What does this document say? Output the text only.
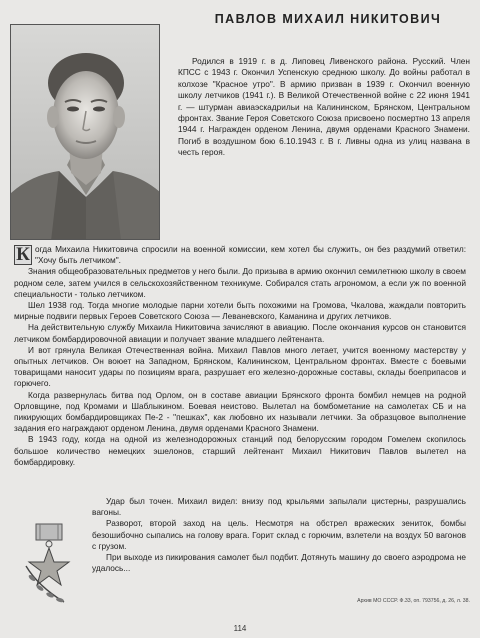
ПАВЛОВ МИХАИЛ НИКИТОВИЧ
Родился в 1919 г. в д. Липовец Ливенского района. Русский. Член КПСС с 1943 г. Окончил Успенскую среднюю школу. До войны работал в колхозе "Красное утро". В армию призван в 1939 г. Окончил военную школу летчиков (1941 г.). В Великой Отечественной войне с 22 июня 1941 г. — штурман авиаэскадрильи на Калининском, Брянском, Центральном фронтах. Звание Героя Советского Союза присвоено посмертно 13 апреля 1944 г. Награжден орденом Ленина, двумя орденами Красного Знамени. Погиб в воздушном бою 6.10.1943 г. В г. Ливны одна из улиц названа в честь героя.

К огда Михаила Никитовича спросили на военной комиссии, кем хотел бы служить, он без раздумий ответил: "Хочу быть летчиком".

Знания общеобразовательных предметов у него были. До призыва в армию окончил семилетнюю школу в своем родном селе, затем учился в сельскохозяйственном техникуме. Собирался стать агрономом, а если уж по военной специальности - только летчиком.

Шел 1938 год. Тогда многие молодые парни хотели быть похожими на Громова, Чкалова, жаждали повторить мирные подвиги первых Героев Советского Союза — Леваневского, Каманина и других летчиков.

На действительную службу Михаила Никитовича зачисляют в авиацию. После окончания курсов он становится летчиком бомбардировочной авиации и получает звание младшего лейтенанта.

И вот грянула Великая Отечественная война. Михаил Павлов много летает, учится военному мастерству у опытных летчиков. Он воюет на Западном, Брянском, Калининском, Центральном фронтах. Вместе с боевыми товарищами наносит удары по позициям врага, разрушает его железно-дорожные составы, склады боеприпасов и горючего.

Когда развернулась битва под Орлом, он в составе авиации Брянского фронта бомбил немцев на родной Орловщине, под Кромами и Шаблыкином. Боевая неистово. Вылетал на бомбометание на самолетах СБ и на пикирующих бомбардировщиках Пе-2 - "пешках", как любовно их называли летчики. За образцовое выполнение задания его награждают орденом Ленина, двумя орденами Красного Знамени.

В 1943 году, когда на одной из железнодорожных станций под белорусским городом Гомелем скопилось большое количество немецких эшелонов, старший лейтенант Михаил Никитович Павлов вылетел на бомбардировку.

Удар был точен. Михаил видел: внизу под крыльями запылали цистерны, разрушались вагоны.

Разворот, второй заход на цель. Несмотря на обстрел вражеских зениток, бомбы безошибочно сыпались на голову врага. Горит склад с горючим, взлетели на воздух 50 вагонов с грузом.

При выходе из пикирования самолет был подбит. Дотянуть машину до своего аэродрома не удалось...

Архив МО СССР. Ф.33, оп. 793756, д. 26, л. 38.
114
